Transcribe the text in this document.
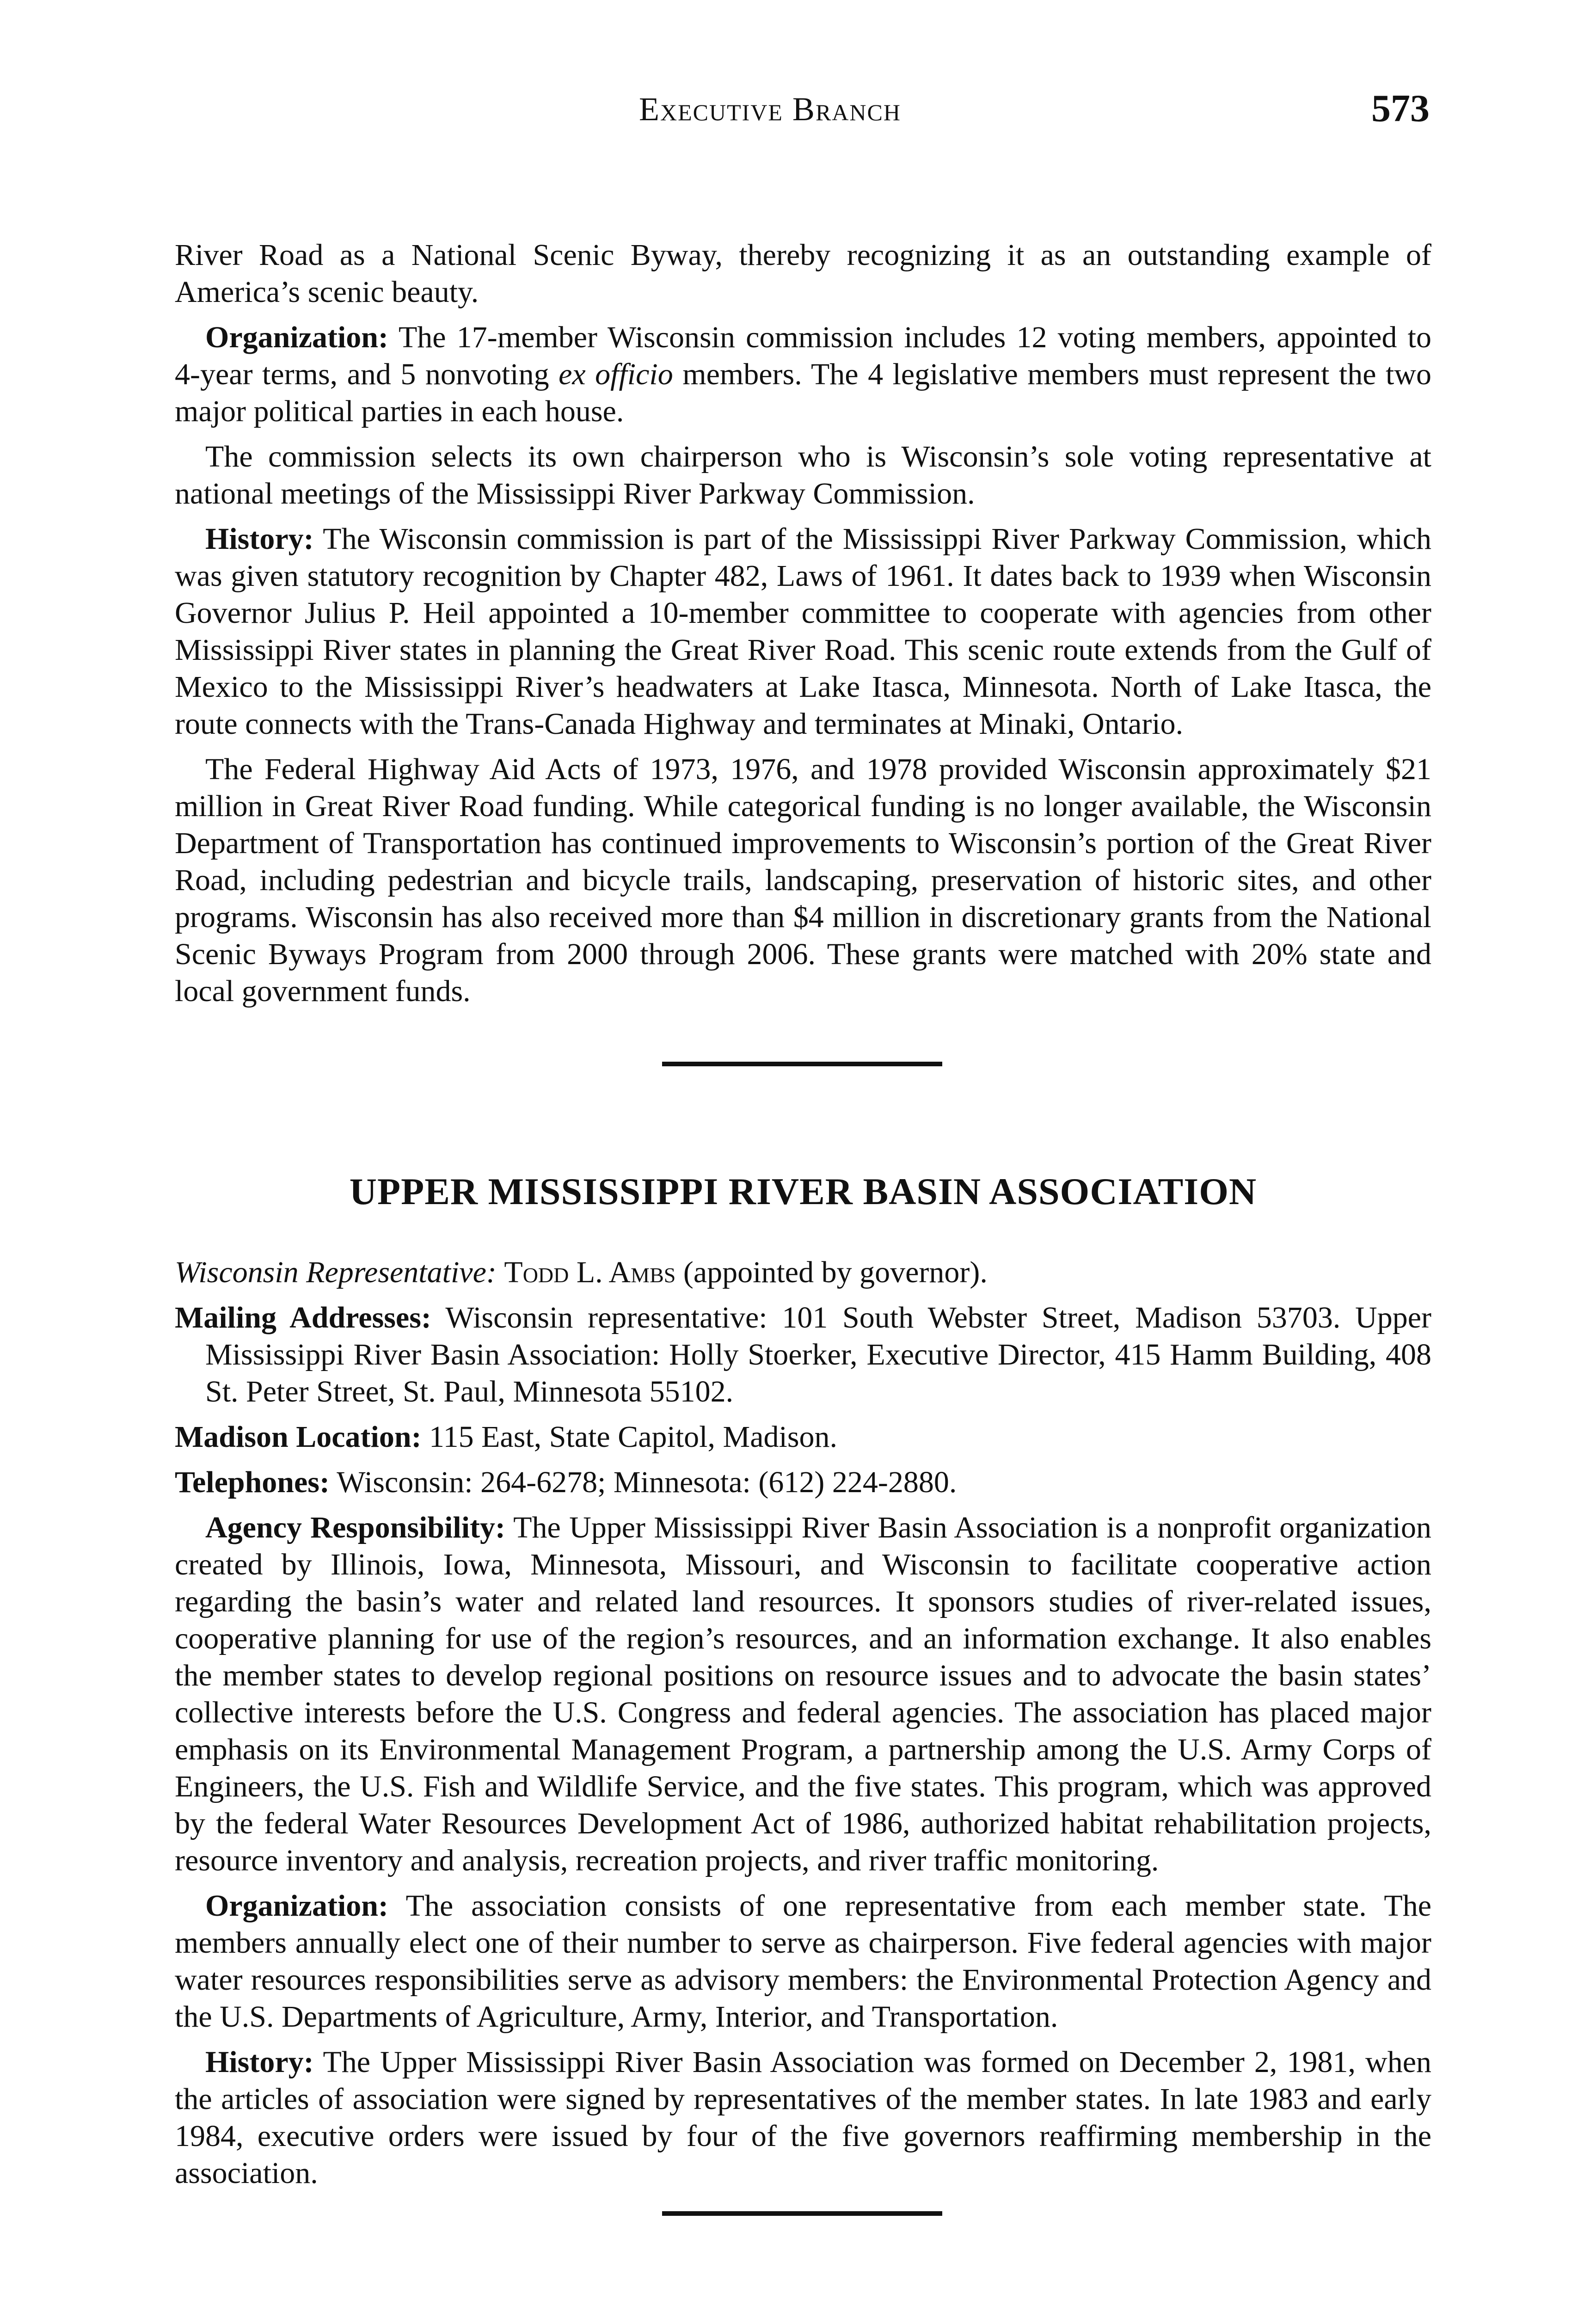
Executive Branch	573

River Road as a National Scenic Byway, thereby recognizing it as an outstanding example of America’s scenic beauty.

Organization: The 17-member Wisconsin commission includes 12 voting members, appointed to 4-year terms, and 5 nonvoting ex officio members. The 4 legislative members must represent the two major political parties in each house.

The commission selects its own chairperson who is Wisconsin’s sole voting representative at national meetings of the Mississippi River Parkway Commission.

History: The Wisconsin commission is part of the Mississippi River Parkway Commission, which was given statutory recognition by Chapter 482, Laws of 1961. It dates back to 1939 when Wisconsin Governor Julius P. Heil appointed a 10-member committee to cooperate with agencies from other Mississippi River states in planning the Great River Road. This scenic route extends from the Gulf of Mexico to the Mississippi River’s headwaters at Lake Itasca, Minnesota. North of Lake Itasca, the route connects with the Trans-Canada Highway and terminates at Minaki, Ontario.

The Federal Highway Aid Acts of 1973, 1976, and 1978 provided Wisconsin approximately $21 million in Great River Road funding. While categorical funding is no longer available, the Wisconsin Department of Transportation has continued improvements to Wisconsin’s portion of the Great River Road, including pedestrian and bicycle trails, landscaping, preservation of historic sites, and other programs. Wisconsin has also received more than $4 million in discretionary grants from the National Scenic Byways Program from 2000 through 2006. These grants were matched with 20% state and local government funds.

UPPER MISSISSIPPI RIVER BASIN ASSOCIATION

Wisconsin Representative: Todd L. Ambs (appointed by governor).

Mailing Addresses: Wisconsin representative: 101 South Webster Street, Madison 53703. Upper Mississippi River Basin Association: Holly Stoerker, Executive Director, 415 Hamm Building, 408 St. Peter Street, St. Paul, Minnesota 55102.

Madison Location: 115 East, State Capitol, Madison.

Telephones: Wisconsin: 264-6278; Minnesota: (612) 224-2880.

Agency Responsibility: The Upper Mississippi River Basin Association is a nonprofit organization created by Illinois, Iowa, Minnesota, Missouri, and Wisconsin to facilitate cooperative action regarding the basin’s water and related land resources. It sponsors studies of river-related issues, cooperative planning for use of the region’s resources, and an information exchange. It also enables the member states to develop regional positions on resource issues and to advocate the basin states’ collective interests before the U.S. Congress and federal agencies. The association has placed major emphasis on its Environmental Management Program, a partnership among the U.S. Army Corps of Engineers, the U.S. Fish and Wildlife Service, and the five states. This program, which was approved by the federal Water Resources Development Act of 1986, authorized habitat rehabilitation projects, resource inventory and analysis, recreation projects, and river traffic monitoring.

Organization: The association consists of one representative from each member state. The members annually elect one of their number to serve as chairperson. Five federal agencies with major water resources responsibilities serve as advisory members: the Environmental Protection Agency and the U.S. Departments of Agriculture, Army, Interior, and Transportation.

History: The Upper Mississippi River Basin Association was formed on December 2, 1981, when the articles of association were signed by representatives of the member states. In late 1983 and early 1984, executive orders were issued by four of the five governors reaffirming membership in the association.
